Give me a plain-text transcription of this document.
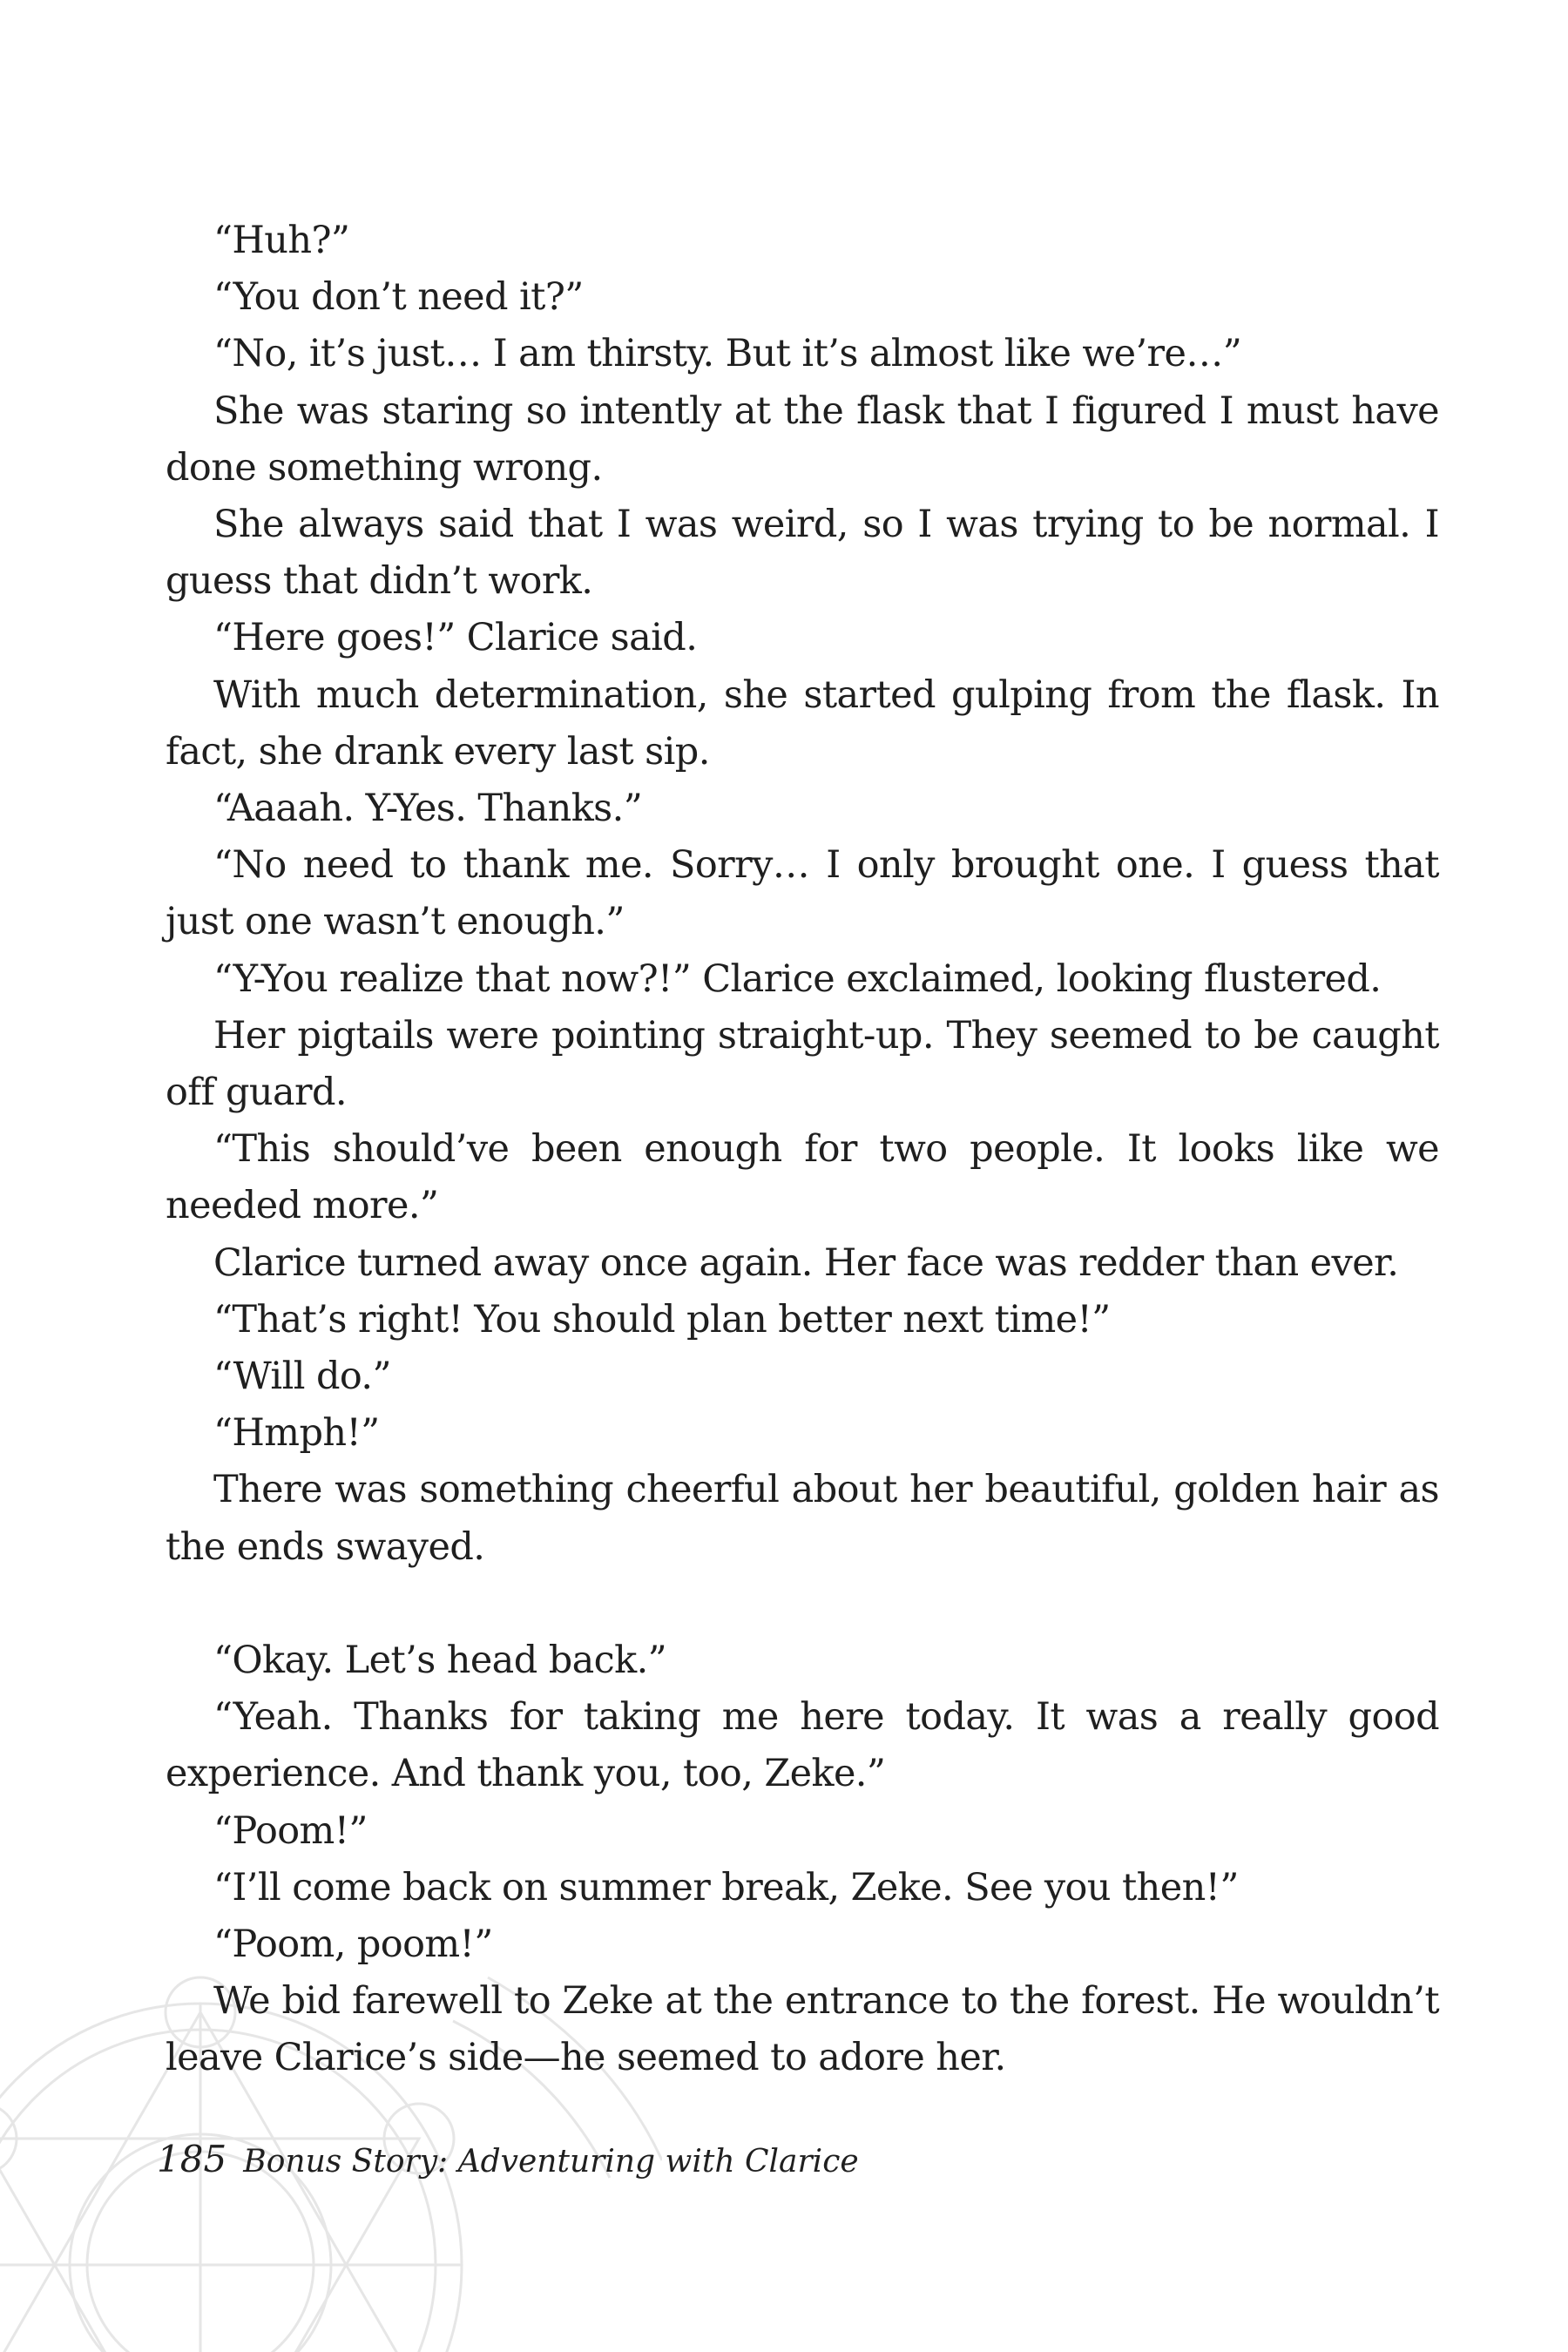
“Huh?”

“You don’t need it?”

“No, it’s just… I am thirsty. But it’s almost like we’re…”

She was staring so intently at the flask that I figured I must have done something wrong.

She always said that I was weird, so I was trying to be normal. I guess that didn’t work.

“Here goes!” Clarice said.

With much determination, she started gulping from the flask. In fact, she drank every last sip.

“Aaaah. Y-Yes. Thanks.”

“No need to thank me. Sorry… I only brought one. I guess that just one wasn’t enough.”

“Y-You realize that now?!” Clarice exclaimed, looking flustered.

Her pigtails were pointing straight-up. They seemed to be caught off guard.

“This should’ve been enough for two people. It looks like we needed more.”

Clarice turned away once again. Her face was redder than ever.

“That’s right! You should plan better next time!”

“Will do.”

“Hmph!”

There was something cheerful about her beautiful, golden hair as the ends swayed.

“Okay. Let’s head back.”

“Yeah. Thanks for taking me here today. It was a really good experience. And thank you, too, Zeke.”

“Poom!”

“I’ll come back on summer break, Zeke. See you then!”

“Poom, poom!”

We bid farewell to Zeke at the entrance to the forest. He wouldn’t leave Clarice’s side—he seemed to adore her.

185 Bonus Story: Adventuring with Clarice
